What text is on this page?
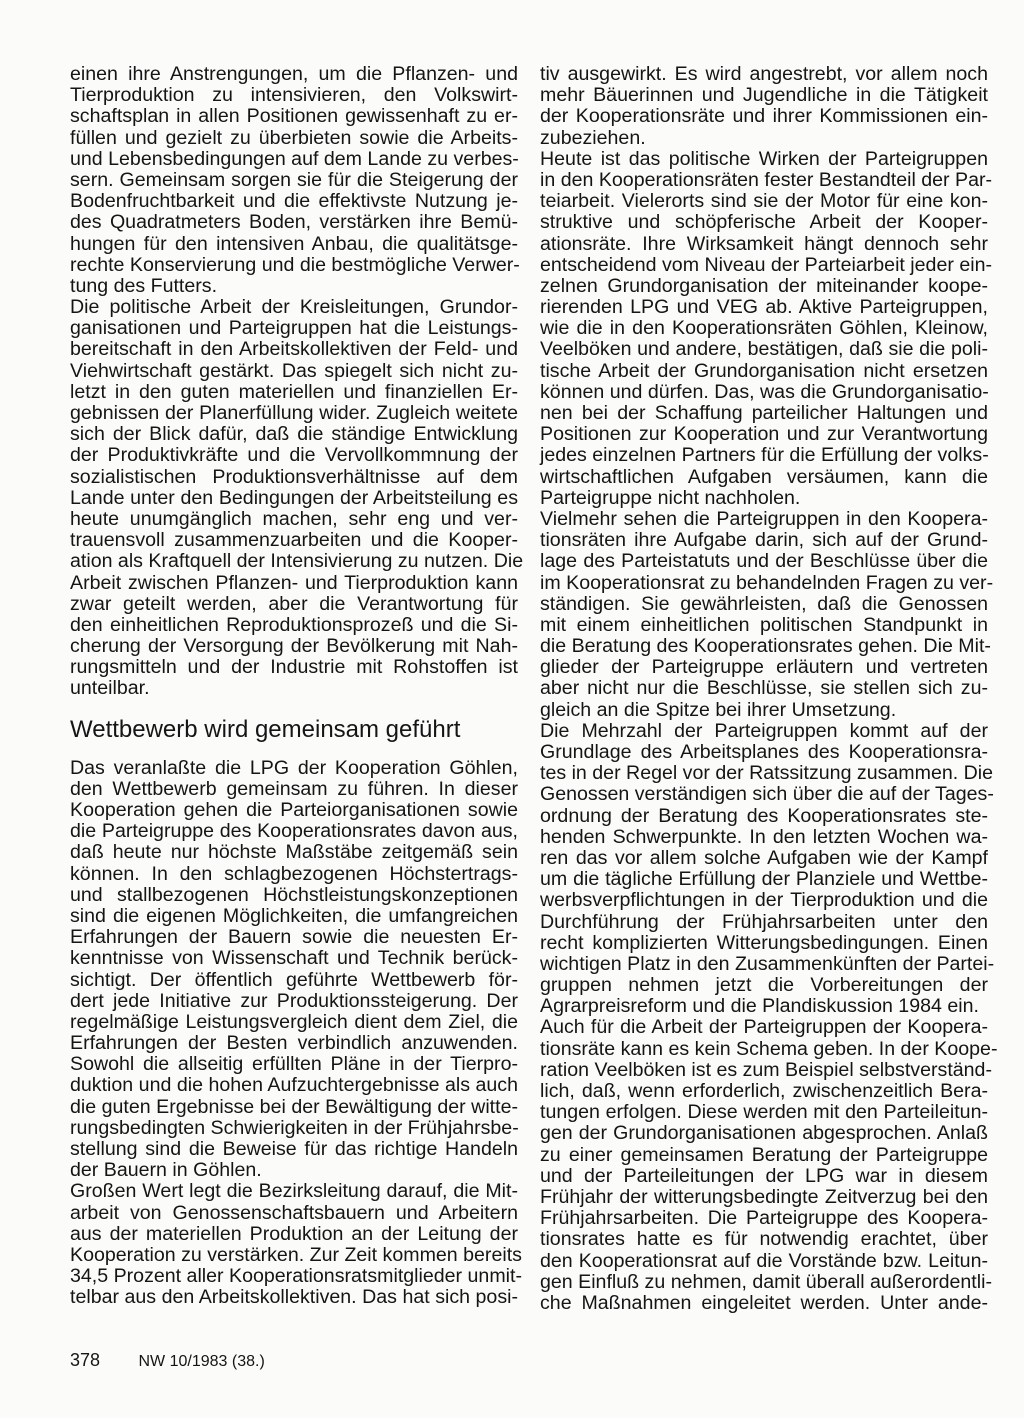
einen ihre Anstrengungen, um die Pflanzen- und
Tierproduktion zu intensivieren, den Volkswirt-
schaftsplan in allen Positionen gewissenhaft zu er-
füllen und gezielt zu überbieten sowie die Arbeits-
und Lebensbedingungen auf dem Lande zu verbes-
sern. Gemeinsam sorgen sie für die Steigerung der
Bodenfruchtbarkeit und die effektivste Nutzung je-
des Quadratmeters Boden, verstärken ihre Bemü-
hungen für den intensiven Anbau, die qualitätsge-
rechte Konservierung und die bestmögliche Verwer-
tung des Futters.
Die politische Arbeit der Kreisleitungen, Grundor-
ganisationen und Parteigruppen hat die Leistungs-
bereitschaft in den Arbeitskollektiven der Feld- und
Viehwirtschaft gestärkt. Das spiegelt sich nicht zu-
letzt in den guten materiellen und finanziellen Er-
gebnissen der Planerfüllung wider. Zugleich weitete
sich der Blick dafür, daß die ständige Entwicklung
der Produktivkräfte und die Vervollkommnung der
sozialistischen Produktionsverhältnisse auf dem
Lande unter den Bedingungen der Arbeitsteilung es
heute unumgänglich machen, sehr eng und ver-
trauensvoll zusammenzuarbeiten und die Kooper-
ation als Kraftquell der Intensivierung zu nutzen. Die
Arbeit zwischen Pflanzen- und Tierproduktion kann
zwar geteilt werden, aber die Verantwortung für
den einheitlichen Reproduktionsprozeß und die Si-
cherung der Versorgung der Bevölkerung mit Nah-
rungsmitteln und der Industrie mit Rohstoffen ist
unteilbar.
Wettbewerb wird gemeinsam geführt
Das veranlaßte die LPG der Kooperation Göhlen,
den Wettbewerb gemeinsam zu führen. In dieser
Kooperation gehen die Parteiorganisationen sowie
die Parteigruppe des Kooperationsrates davon aus,
daß heute nur höchste Maßstäbe zeitgemäß sein
können. In den schlagbezogenen Höchstertrags-
und stallbezogenen Höchstleistungskonzeptionen
sind die eigenen Möglichkeiten, die umfangreichen
Erfahrungen der Bauern sowie die neuesten Er-
kenntnisse von Wissenschaft und Technik berück-
sichtigt. Der öffentlich geführte Wettbewerb för-
dert jede Initiative zur Produktionssteigerung. Der
regelmäßige Leistungsvergleich dient dem Ziel, die
Erfahrungen der Besten verbindlich anzuwenden.
Sowohl die allseitig erfüllten Pläne in der Tierpro-
duktion und die hohen Aufzuchtergebnisse als auch
die guten Ergebnisse bei der Bewältigung der witte-
rungsbedingten Schwierigkeiten in der Frühjahrsbe-
stellung sind die Beweise für das richtige Handeln
der Bauern in Göhlen.
Großen Wert legt die Bezirksleitung darauf, die Mit-
arbeit von Genossenschaftsbauern und Arbeitern
aus der materiellen Produktion an der Leitung der
Kooperation zu verstärken. Zur Zeit kommen bereits
34,5 Prozent aller Kooperationsratsmitglieder unmit-
telbar aus den Arbeitskollektiven. Das hat sich posi-
tiv ausgewirkt. Es wird angestrebt, vor allem noch
mehr Bäuerinnen und Jugendliche in die Tätigkeit
der Kooperationsräte und ihrer Kommissionen ein-
zubeziehen.
Heute ist das politische Wirken der Parteigruppen
in den Kooperationsräten fester Bestandteil der Par-
teiarbeit. Vielerorts sind sie der Motor für eine kon-
struktive und schöpferische Arbeit der Kooper-
ationsräte. Ihre Wirksamkeit hängt dennoch sehr
entscheidend vom Niveau der Parteiarbeit jeder ein-
zelnen Grundorganisation der miteinander koope-
rierenden LPG und VEG ab. Aktive Parteigruppen,
wie die in den Kooperationsräten Göhlen, Kleinow,
Veelböken und andere, bestätigen, daß sie die poli-
tische Arbeit der Grundorganisation nicht ersetzen
können und dürfen. Das, was die Grundorganisatio-
nen bei der Schaffung parteilicher Haltungen und
Positionen zur Kooperation und zur Verantwortung
jedes einzelnen Partners für die Erfüllung der volks-
wirtschaftlichen Aufgaben versäumen, kann die
Parteigruppe nicht nachholen.
Vielmehr sehen die Parteigruppen in den Koopera-
tionsräten ihre Aufgabe darin, sich auf der Grund-
lage des Parteistatuts und der Beschlüsse über die
im Kooperationsrat zu behandelnden Fragen zu ver-
ständigen. Sie gewährleisten, daß die Genossen
mit einem einheitlichen politischen Standpunkt in
die Beratung des Kooperationsrates gehen. Die Mit-
glieder der Parteigruppe erläutern und vertreten
aber nicht nur die Beschlüsse, sie stellen sich zu-
gleich an die Spitze bei ihrer Umsetzung.
Die Mehrzahl der Parteigruppen kommt auf der
Grundlage des Arbeitsplanes des Kooperationsra-
tes in der Regel vor der Ratssitzung zusammen. Die
Genossen verständigen sich über die auf der Tages-
ordnung der Beratung des Kooperationsrates ste-
henden Schwerpunkte. In den letzten Wochen wa-
ren das vor allem solche Aufgaben wie der Kampf
um die tägliche Erfüllung der Planziele und Wettbe-
werbsverpflichtungen in der Tierproduktion und die
Durchführung der Frühjahrsarbeiten unter den
recht komplizierten Witterungsbedingungen. Einen
wichtigen Platz in den Zusammenkünften der Partei-
gruppen nehmen jetzt die Vorbereitungen der
Agrarpreisreform und die Plandiskussion 1984 ein.
Auch für die Arbeit der Parteigruppen der Koopera-
tionsräte kann es kein Schema geben. In der Koope-
ration Veelböken ist es zum Beispiel selbstverständ-
lich, daß, wenn erforderlich, zwischenzeitlich Bera-
tungen erfolgen. Diese werden mit den Parteileitun-
gen der Grundorganisationen abgesprochen. Anlaß
zu einer gemeinsamen Beratung der Parteigruppe
und der Parteileitungen der LPG war in diesem
Frühjahr der witterungsbedingte Zeitverzug bei den
Frühjahrsarbeiten. Die Parteigruppe des Koopera-
tionsrates hatte es für notwendig erachtet, über
den Kooperationsrat auf die Vorstände bzw. Leitun-
gen Einfluß zu nehmen, damit überall außerordentli-
che Maßnahmen eingeleitet werden. Unter ande-
378 NW 10/1983 (38.)
